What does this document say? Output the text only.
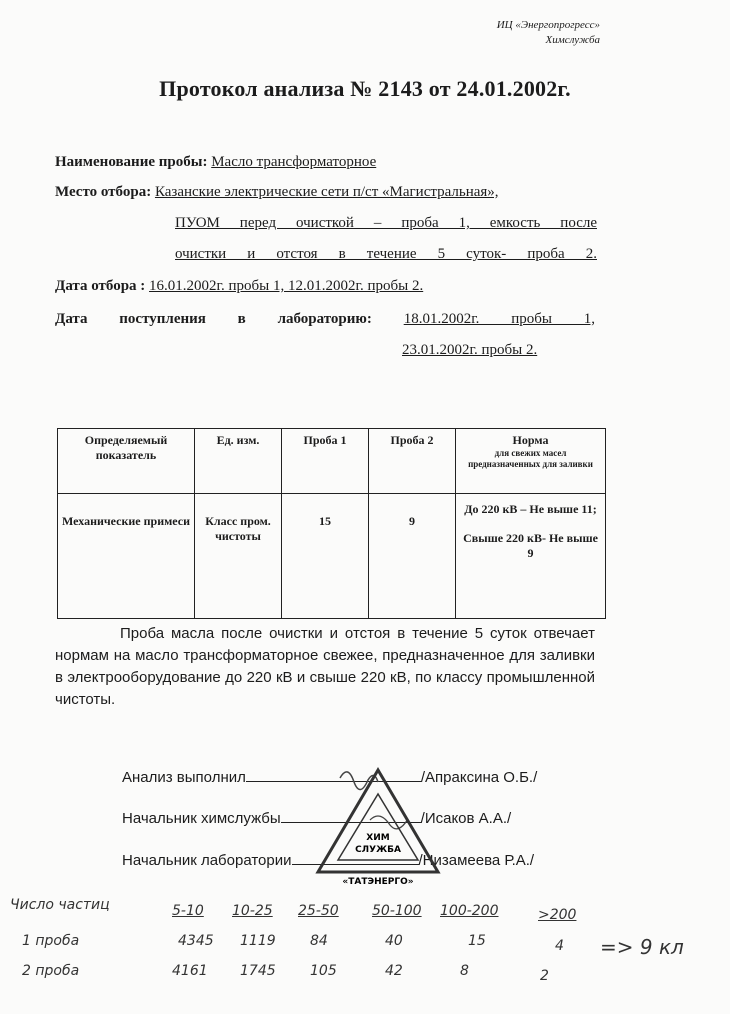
ИЦ «Энергопрогресс»
Химслужба
Протокол анализа № 2143 от 24.01.2002г.
Наименование пробы: Масло трансформаторное
Место отбора: Казанские электрические сети п/ст «Магистральная»,
ПУОМ перед очисткой – проба 1, емкость после
очистки и отстоя в течение 5 суток- проба 2.
Дата отбора : 16.01.2002г. пробы 1, 12.01.2002г. пробы 2.
Дата поступления в лабораторию: 18.01.2002г. пробы 1,
23.01.2002г. пробы 2.
Определяемый показатель	Ед. изм.	Проба 1	Проба 2	Норма
для свежих масел предназначенных для заливки

Механические примеси	Класс пром. чистоты	15	9	До 220 кВ – Не выше 11;
Свыше 220 кВ- Не выше 9

Проба масла после очистки и отстоя в течение 5 суток отвечает нормам на масло трансформаторное свежее, предназначенное для заливки в электрооборудование до 220 кВ и свыше 220 кВ, по классу промышленной чистоты.

Анализ выполнил	/Апраксина О.Б./
Начальник химслужбы	/Исаков А.А./
Начальник лаборатории	/Низамеева Р.А./
ХИМ
СЛУЖБА
«ТАТЭНЕРГО»
Число частиц	5-10 10-25 25-50 50-100 100-200	>200
1 проба	4345 1119 84	40	15	4
2 проба	4161 1745 105	42	8	2
=> 9 кл
